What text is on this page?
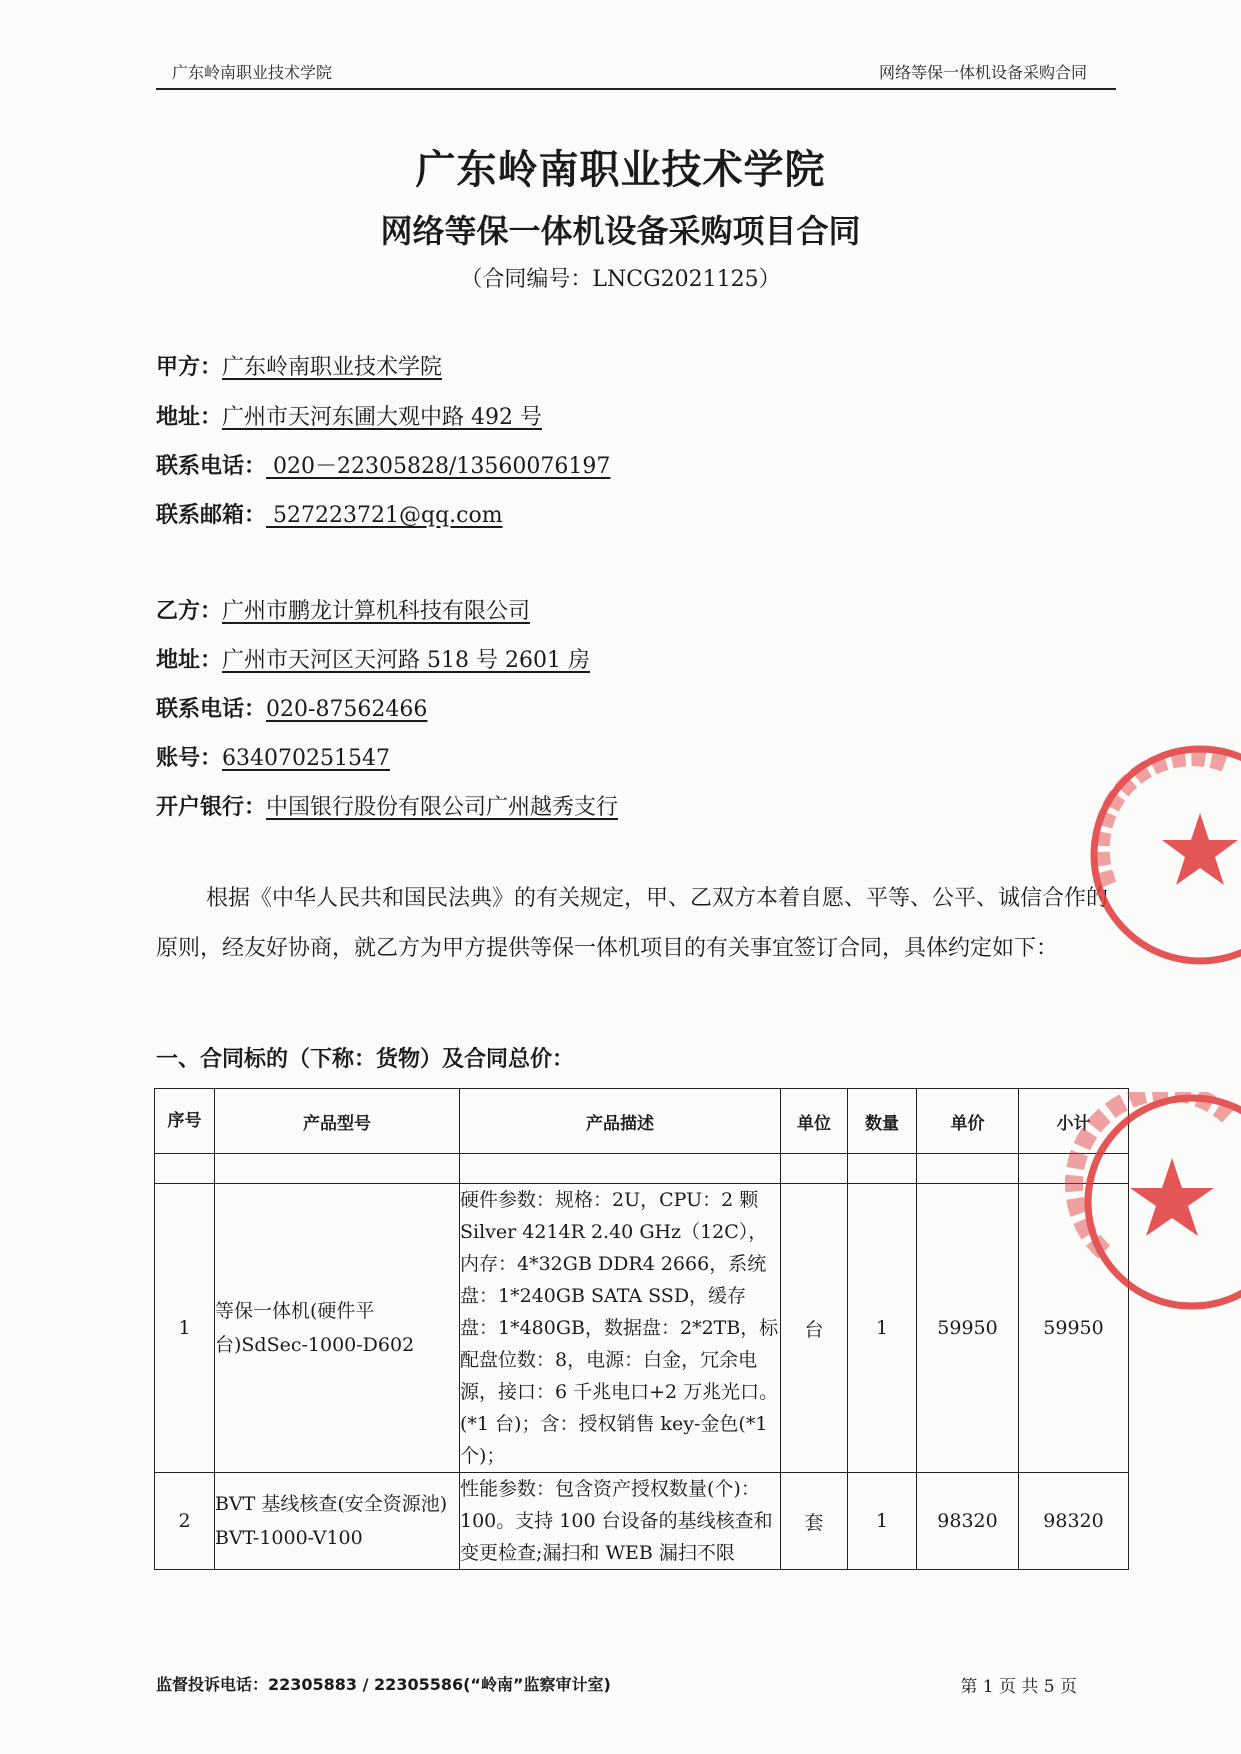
广东岭南职业技术学院	网络等保一体机设备采购合同
广东岭南职业技术学院
网络等保一体机设备采购项目合同
（合同编号：LNCG2021125）
甲方：广东岭南职业技术学院
地址：广州市天河东圃大观中路 492 号
联系电话： 020－22305828/13560076197
联系邮箱： 527223721@qq.com
乙方：广州市鹏龙计算机科技有限公司
地址：广州市天河区天河路 518 号 2601 房
联系电话：020-87562466
账号：634070251547
开户银行：中国银行股份有限公司广州越秀支行

根据《中华人民共和国民法典》的有关规定，甲、乙双方本着自愿、平等、公平、诚信合作的原则，经友好协商，就乙方为甲方提供等保一体机项目的有关事宜签订合同，具体约定如下：

一、合同标的（下称：货物）及合同总价：
序号	产品型号	产品描述	单位	数量	单价	小计

1	等保一体机(硬件平台)SdSec-1000-D602	硬件参数：规格：2U，CPU：2 颗Silver 4214R 2.40 GHz（12C），内存：4*32GB DDR4 2666，系统盘：1*240GB SATA SSD，缓存盘：1*480GB，数据盘：2*2TB，标配盘位数：8，电源：白金，冗余电源，接口：6 千兆电口+2 万兆光口。(*1 台)；含：授权销售 key-金色(*1 个)；	台	1	59950	59950
2	BVT 基线核查(安全资源池)　BVT-1000-V100	性能参数：包含资产授权数量(个)：100。支持 100 台设备的基线核查和变更检查;漏扫和 WEB 漏扫不限	套	1	98320	98320
监督投诉电话：22305883 / 22305586(“岭南”监察审计室)	第 1 页 共 5 页
